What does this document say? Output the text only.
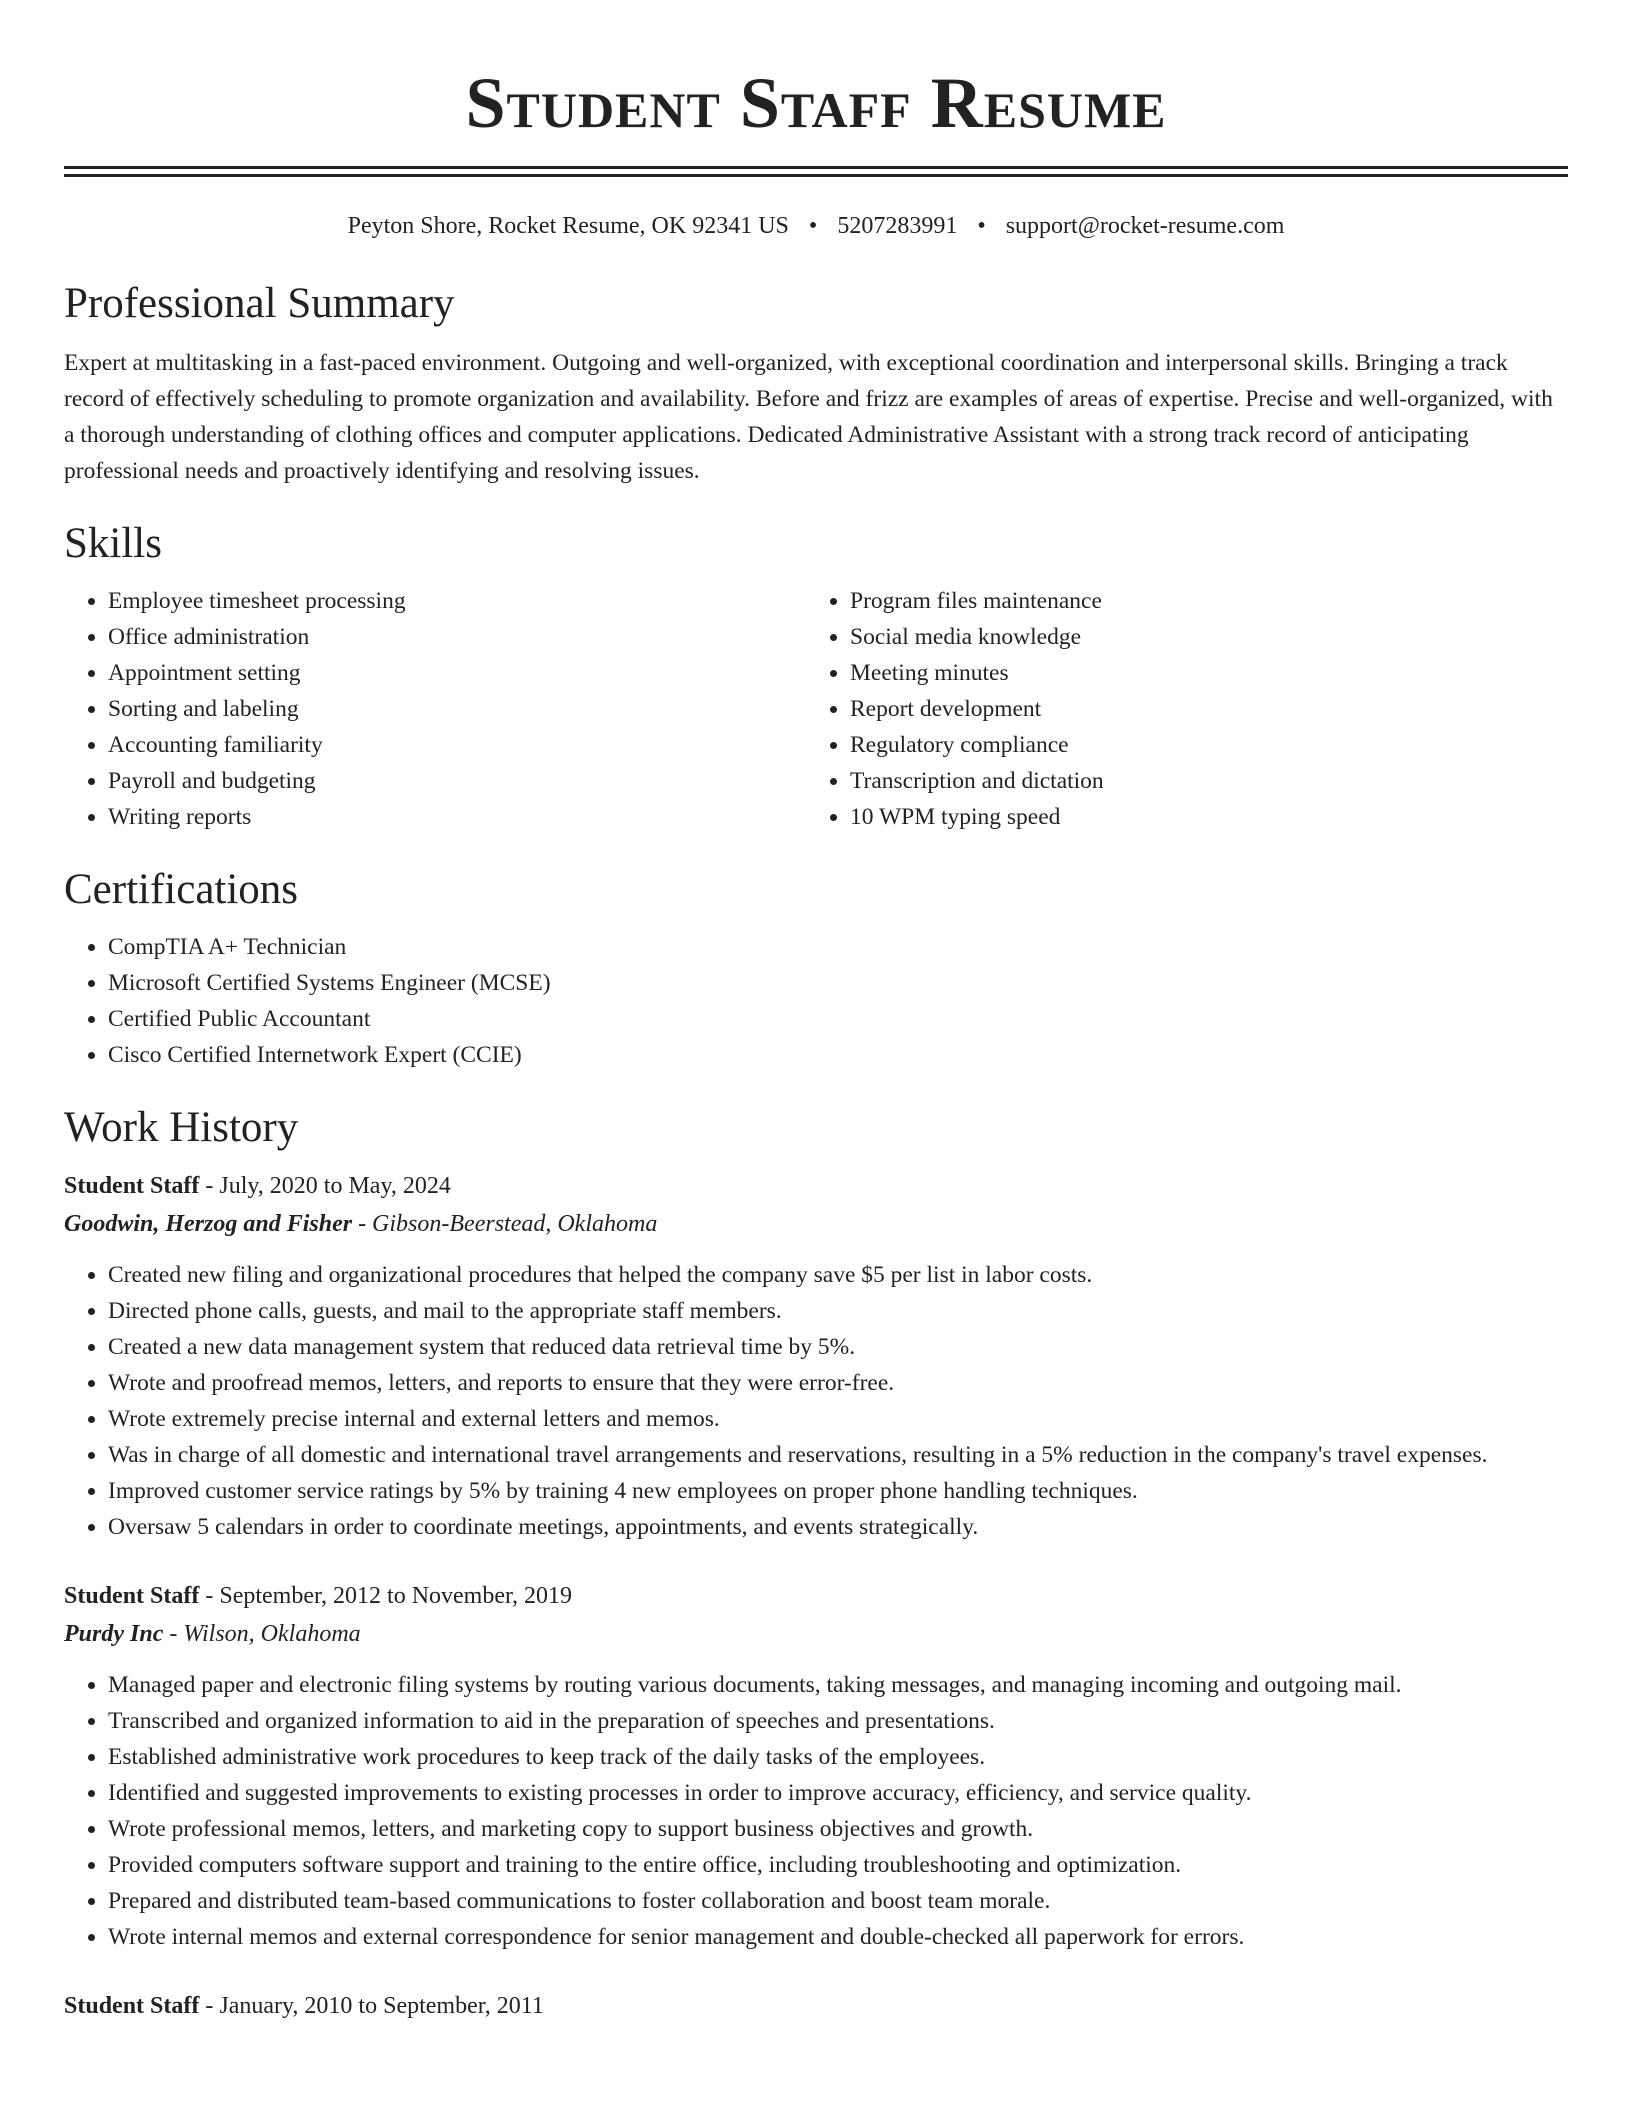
Student Staff Resume
Peyton Shore, Rocket Resume, OK 92341 US • 5207283991 • support@rocket-resume.com
Professional Summary

Expert at multitasking in a fast-paced environment. Outgoing and well-organized, with exceptional coordination and interpersonal skills. Bringing a track record of effectively scheduling to promote organization and availability. Before and frizz are examples of areas of expertise. Precise and well-organized, with a thorough understanding of clothing offices and computer applications. Dedicated Administrative Assistant with a strong track record of anticipating professional needs and proactively identifying and resolving issues.

Skills
• Employee timesheet processing
• Office administration
• Appointment setting
• Sorting and labeling
• Accounting familiarity
• Payroll and budgeting
• Writing reports
• Program files maintenance
• Social media knowledge
• Meeting minutes
• Report development
• Regulatory compliance
• Transcription and dictation
• 10 WPM typing speed
Certifications
• CompTIA A+ Technician
• Microsoft Certified Systems Engineer (MCSE)
• Certified Public Accountant
• Cisco Certified Internetwork Expert (CCIE)
Work History
Student Staff - July, 2020 to May, 2024
Goodwin, Herzog and Fisher - Gibson-Beerstead, Oklahoma
• Created new filing and organizational procedures that helped the company save $5 per list in labor costs.
• Directed phone calls, guests, and mail to the appropriate staff members.
• Created a new data management system that reduced data retrieval time by 5%.
• Wrote and proofread memos, letters, and reports to ensure that they were error-free.
• Wrote extremely precise internal and external letters and memos.
• Was in charge of all domestic and international travel arrangements and reservations, resulting in a 5% reduction in the company's travel expenses.
• Improved customer service ratings by 5% by training 4 new employees on proper phone handling techniques.
• Oversaw 5 calendars in order to coordinate meetings, appointments, and events strategically.
Student Staff - September, 2012 to November, 2019
Purdy Inc - Wilson, Oklahoma
• Managed paper and electronic filing systems by routing various documents, taking messages, and managing incoming and outgoing mail.
• Transcribed and organized information to aid in the preparation of speeches and presentations.
• Established administrative work procedures to keep track of the daily tasks of the employees.
• Identified and suggested improvements to existing processes in order to improve accuracy, efficiency, and service quality.
• Wrote professional memos, letters, and marketing copy to support business objectives and growth.
• Provided computers software support and training to the entire office, including troubleshooting and optimization.
• Prepared and distributed team-based communications to foster collaboration and boost team morale.
• Wrote internal memos and external correspondence for senior management and double-checked all paperwork for errors.
Student Staff - January, 2010 to September, 2011
